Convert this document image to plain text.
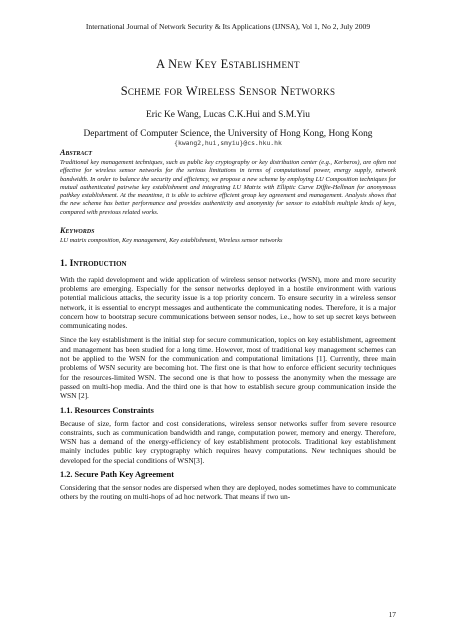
International Journal of Network Security & Its Applications (IJNSA), Vol 1, No 2, July 2009
A New Key Establishment
Scheme for Wireless Sensor Networks
Eric Ke Wang, Lucas C.K.Hui and S.M.Yiu
Department of Computer Science, the University of Hong Kong, Hong Kong
{kwang2,hui,smyiu}@cs.hku.hk
Abstract

Traditional key management techniques, such as public key cryptography or key distribution center (e.g., Kerberos), are often not effective for wireless sensor networks for the serious limitations in terms of computational power, energy supply, network bandwidth. In order to balance the security and efficiency, we propose a new scheme by employing LU Composition techniques for mutual authenticated pairwise key establishment and integrating LU Matrix with Elliptic Curve Diffie-Hellman for anonymous pathkey establishment. At the meantime, it is able to achieve efficient group key agreement and management. Analysis shows that the new scheme has better performance and provides authenticity and anonymity for sensor to establish multiple kinds of keys, compared with previous related works.

Keywords

LU matrix composition, Key management, Key establishment, Wireless sensor networks

1. Introduction

With the rapid development and wide application of wireless sensor networks (WSN), more and more security problems are emerging. Especially for the sensor networks deployed in a hostile environment with various potential malicious attacks, the security issue is a top priority concern. To ensure security in a wireless sensor network, it is essential to encrypt messages and authenticate the communicating nodes. Therefore, it is a major concern how to bootstrap secure communications between sensor nodes, i.e., how to set up secret keys between communicating nodes.

Since the key establishment is the initial step for secure communication, topics on key establishment, agreement and management has been studied for a long time. However, most of traditional key management schemes can not be applied to the WSN for the communication and computational limitations [1]. Currently, three main problems of WSN security are becoming hot. The first one is that how to enforce efficient security techniques for the resources-limited WSN. The second one is that how to possess the anonymity when the message are passed on multi-hop media. And the third one is that how to establish secure group communication inside the WSN [2].

1.1. Resources Constraints

Because of size, form factor and cost considerations, wireless sensor networks suffer from severe resource constraints, such as communication bandwidth and range, computation power, memory and energy. Therefore, WSN has a demand of the energy-efficiency of key establishment protocols. Traditional key establishment mainly includes public key cryptography which requires heavy computations. New techniques should be developed for the special conditions of WSN[3].

1.2. Secure Path Key Agreement

Considering that the sensor nodes are dispersed when they are deployed, nodes sometimes have to communicate others by the routing on multi-hops of ad hoc network. That means if two un-

17
